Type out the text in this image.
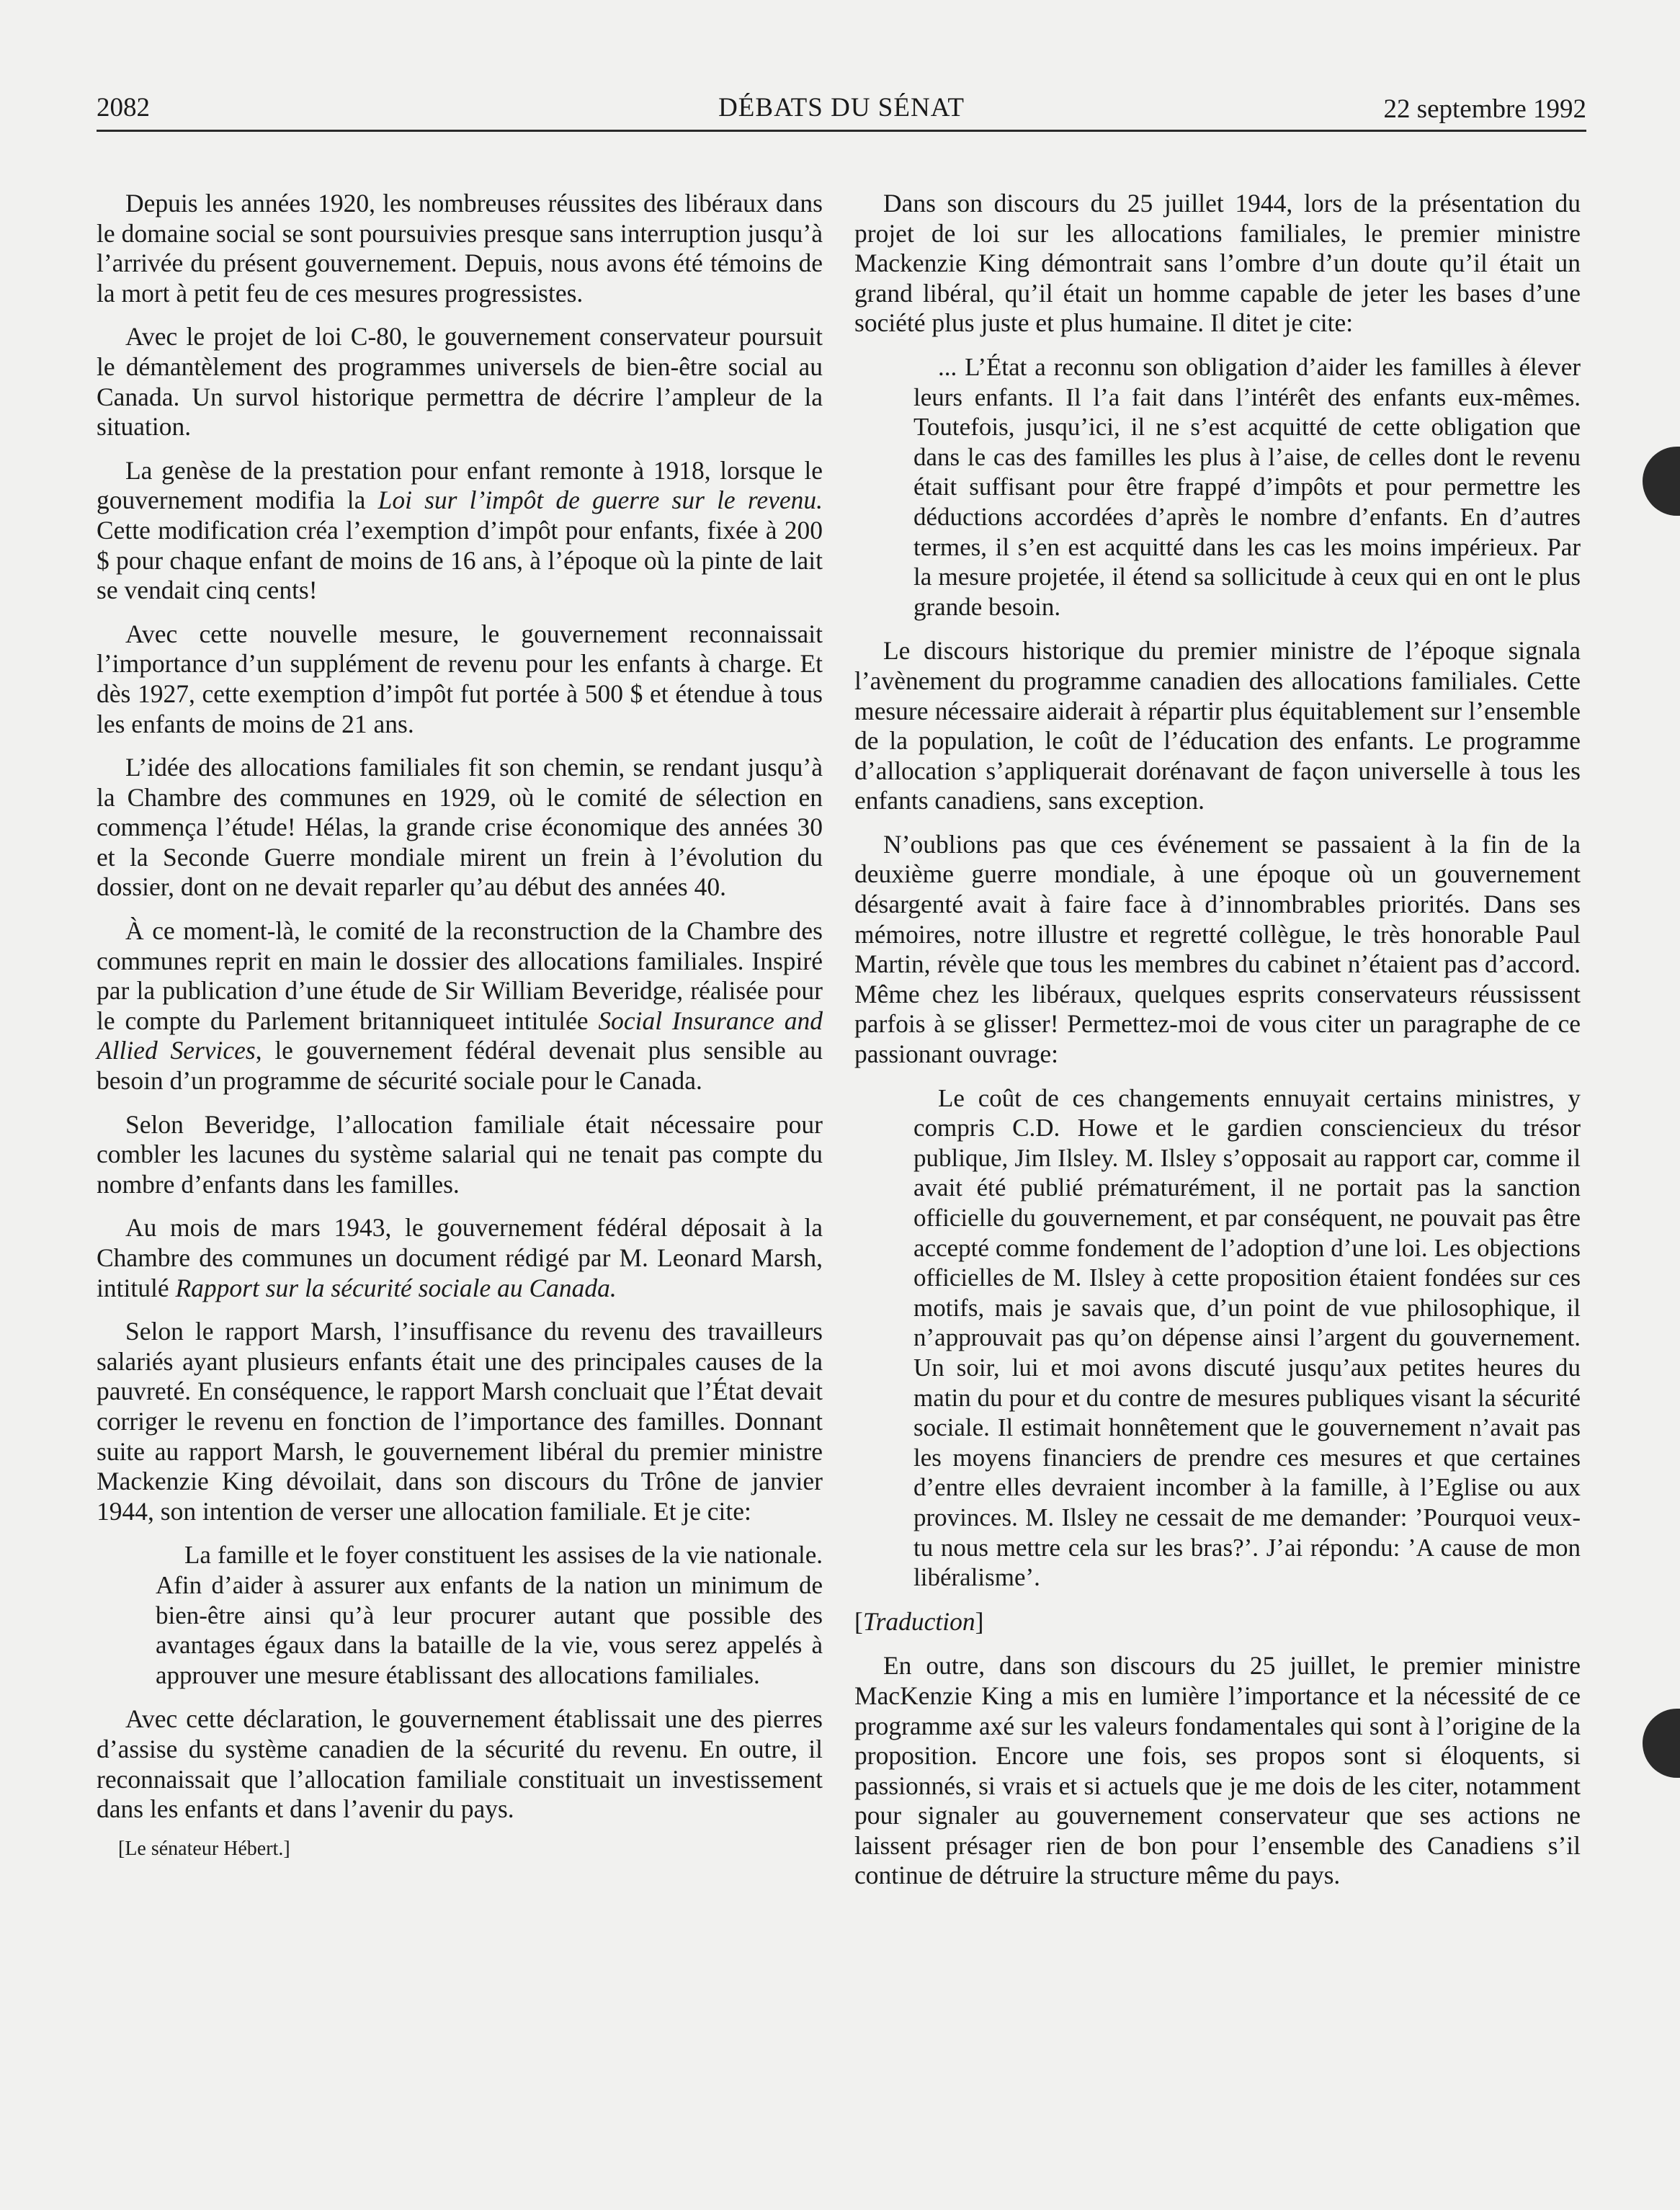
2082	DÉBATS DU SÉNAT	22 septembre 1992

Depuis les années 1920, les nombreuses réussites des libéraux dans le domaine social se sont poursuivies presque sans interruption jusqu’à l’arrivée du présent gouvernement. Depuis, nous avons été témoins de la mort à petit feu de ces mesures progressistes.

Avec le projet de loi C-80, le gouvernement conservateur poursuit le démantèlement des programmes universels de bien-être social au Canada. Un survol historique permettra de décrire l’ampleur de la situation.

La genèse de la prestation pour enfant remonte à 1918, lorsque le gouvernement modifia la Loi sur l’impôt de guerre sur le revenu. Cette modification créa l’exemption d’impôt pour enfants, fixée à 200 $ pour chaque enfant de moins de 16 ans, à l’époque où la pinte de lait se vendait cinq cents!

Avec cette nouvelle mesure, le gouvernement reconnaissait l’importance d’un supplément de revenu pour les enfants à charge. Et dès 1927, cette exemption d’impôt fut portée à 500 $ et étendue à tous les enfants de moins de 21 ans.

L’idée des allocations familiales fit son chemin, se rendant jusqu’à la Chambre des communes en 1929, où le comité de sélection en commença l’étude! Hélas, la grande crise économique des années 30 et la Seconde Guerre mondiale mirent un frein à l’évolution du dossier, dont on ne devait reparler qu’au début des années 40.

À ce moment-là, le comité de la reconstruction de la Chambre des communes reprit en main le dossier des allocations familiales. Inspiré par la publication d’une étude de Sir William Beveridge, réalisée pour le compte du Parlement britanniqueet intitulée Social Insurance and Allied Services, le gouvernement fédéral devenait plus sensible au besoin d’un programme de sécurité sociale pour le Canada.

Selon Beveridge, l’allocation familiale était nécessaire pour combler les lacunes du système salarial qui ne tenait pas compte du nombre d’enfants dans les familles.

Au mois de mars 1943, le gouvernement fédéral déposait à la Chambre des communes un document rédigé par M. Leonard Marsh, intitulé Rapport sur la sécurité sociale au Canada.

Selon le rapport Marsh, l’insuffisance du revenu des travailleurs salariés ayant plusieurs enfants était une des principales causes de la pauvreté. En conséquence, le rapport Marsh concluait que l’État devait corriger le revenu en fonction de l’importance des familles. Donnant suite au rapport Marsh, le gouvernement libéral du premier ministre Mackenzie King dévoilait, dans son discours du Trône de janvier 1944, son intention de verser une allocation familiale. Et je cite:

La famille et le foyer constituent les assises de la vie nationale. Afin d’aider à assurer aux enfants de la nation un minimum de bien-être ainsi qu’à leur procurer autant que possible des avantages égaux dans la bataille de la vie, vous serez appelés à approuver une mesure établissant des allocations familiales.

Avec cette déclaration, le gouvernement établissait une des pierres d’assise du système canadien de la sécurité du revenu. En outre, il reconnaissait que l’allocation familiale constituait un investissement dans les enfants et dans l’avenir du pays.

[Le sénateur Hébert.]

Dans son discours du 25 juillet 1944, lors de la présentation du projet de loi sur les allocations familiales, le premier ministre Mackenzie King démontrait sans l’ombre d’un doute qu’il était un grand libéral, qu’il était un homme capable de jeter les bases d’une société plus juste et plus humaine. Il ditet je cite:

... L’État a reconnu son obligation d’aider les familles à élever leurs enfants. Il l’a fait dans l’intérêt des enfants eux-mêmes. Toutefois, jusqu’ici, il ne s’est acquitté de cette obligation que dans le cas des familles les plus à l’aise, de celles dont le revenu était suffisant pour être frappé d’impôts et pour permettre les déductions accordées d’après le nombre d’enfants. En d’autres termes, il s’en est acquitté dans les cas les moins impérieux. Par la mesure projetée, il étend sa sollicitude à ceux qui en ont le plus grande besoin.

Le discours historique du premier ministre de l’époque signala l’avènement du programme canadien des allocations familiales. Cette mesure nécessaire aiderait à répartir plus équitablement sur l’ensemble de la population, le coût de l’éducation des enfants. Le programme d’allocation s’appliquerait dorénavant de façon universelle à tous les enfants canadiens, sans exception.

N’oublions pas que ces événement se passaient à la fin de la deuxième guerre mondiale, à une époque où un gouvernement désargenté avait à faire face à d’innombrables priorités. Dans ses mémoires, notre illustre et regretté collègue, le très honorable Paul Martin, révèle que tous les membres du cabinet n’étaient pas d’accord. Même chez les libéraux, quelques esprits conservateurs réussissent parfois à se glisser! Permettez-moi de vous citer un paragraphe de ce passionant ouvrage:

Le coût de ces changements ennuyait certains ministres, y compris C.D. Howe et le gardien consciencieux du trésor publique, Jim Ilsley. M. Ilsley s’opposait au rapport car, comme il avait été publié prématurément, il ne portait pas la sanction officielle du gouvernement, et par conséquent, ne pouvait pas être accepté comme fondement de l’adoption d’une loi. Les objections officielles de M. Ilsley à cette proposition étaient fondées sur ces motifs, mais je savais que, d’un point de vue philosophique, il n’approuvait pas qu’on dépense ainsi l’argent du gouvernement. Un soir, lui et moi avons discuté jusqu’aux petites heures du matin du pour et du contre de mesures publiques visant la sécurité sociale. Il estimait honnêtement que le gouvernement n’avait pas les moyens financiers de prendre ces mesures et que certaines d’entre elles devraient incomber à la famille, à l’Eglise ou aux provinces. M. Ilsley ne cessait de me demander: ’Pourquoi veux-tu nous mettre cela sur les bras?’. J’ai répondu: ’A cause de mon libéralisme’.

[Traduction]

En outre, dans son discours du 25 juillet, le premier ministre MacKenzie King a mis en lumière l’importance et la nécessité de ce programme axé sur les valeurs fondamentales qui sont à l’origine de la proposition. Encore une fois, ses propos sont si éloquents, si passionnés, si vrais et si actuels que je me dois de les citer, notamment pour signaler au gouvernement conservateur que ses actions ne laissent présager rien de bon pour l’ensemble des Canadiens s’il continue de détruire la structure même du pays.
